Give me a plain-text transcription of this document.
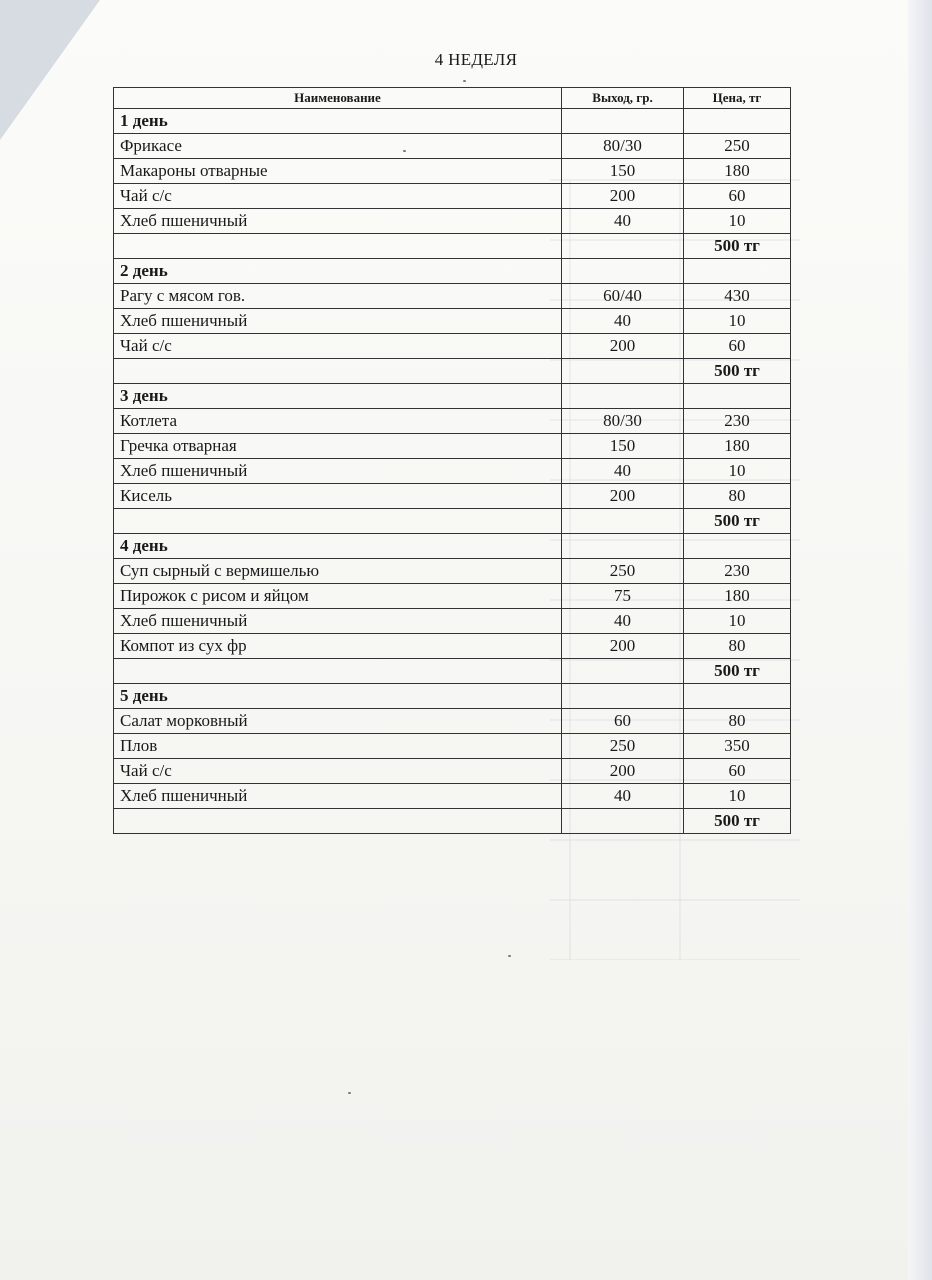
4 НЕДЕЛЯ
Наименование	Выход, гр.	Цена, тг
1 день		
Фрикасе	80/30	250
Макароны отварные	150	180
Чай с/с	200	60
Хлеб пшеничный	40	10
		500 тг
2 день		
Рагу с мясом гов.	60/40	430
Хлеб пшеничный	40	10
Чай с/с	200	60
		500 тг
3 день		
Котлета	80/30	230
Гречка отварная	150	180
Хлеб пшеничный	40	10
Кисель	200	80
		500 тг
4 день		
Суп сырный с вермишелью	250	230
Пирожок с рисом и яйцом	75	180
Хлеб пшеничный	40	10
Компот из сух фр	200	80
		500 тг
5 день		
Салат морковный	60	80
Плов	250	350
Чай с/с	200	60
Хлеб пшеничный	40	10
		500 тг
